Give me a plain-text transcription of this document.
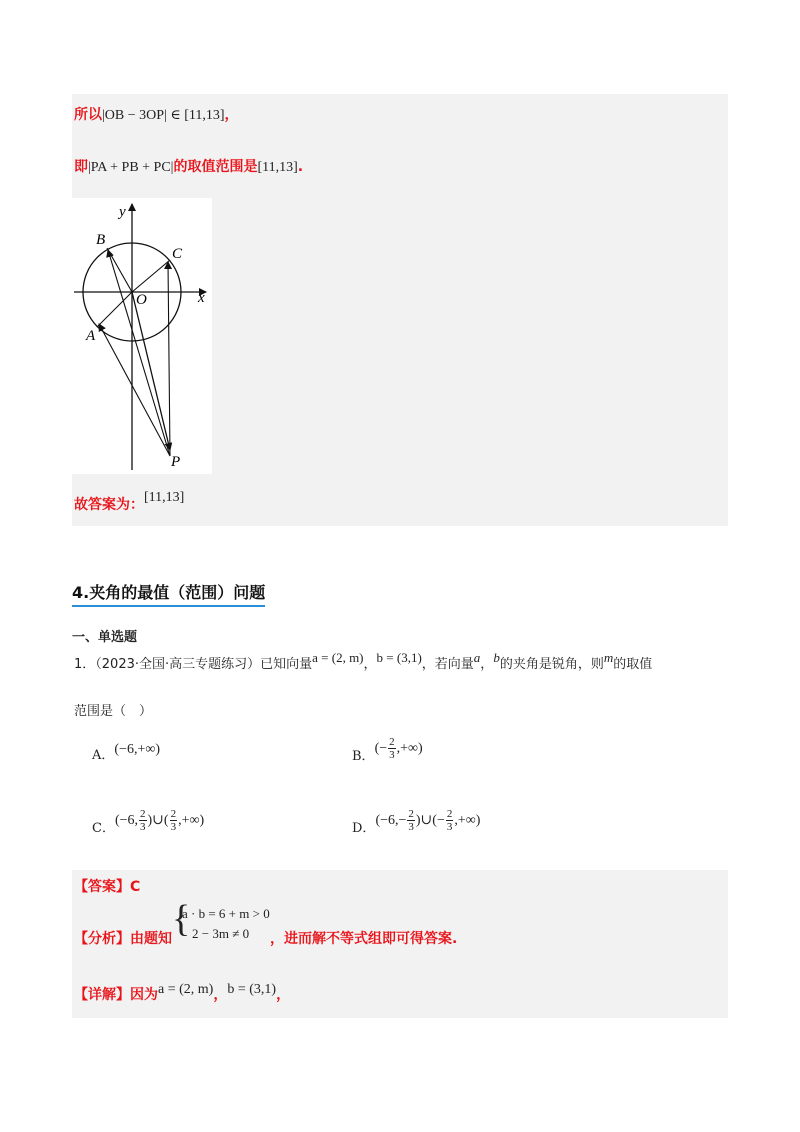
所以|OB − 3OP| ∈ [11,13]，
即|PA + PB + PC|的取值范围是[11,13].
y
x
O
B
C
A
P
故答案为：[11,13]
4.夹角的最值（范围）问题
一、单选题
1．（2023·全国·高三专题练习）已知向量a = (2, m)，b = (3,1)，若向量a，b的夹角是锐角，则m的取值
范围是（　）
A．(−6,+∞)	$_{B.}(- \frac{2}{3}$ ,+∞)
$_{C.}$(−6, $\frac{2}{3}$ )∪( $\frac{2}{3}$ ,+∞)
$_{D.}(-6,- \frac{2}{3}$ )∪(− $\frac{2}{3}$ ,+∞)
【答案】C
【分析】由题知 {
a · b = 6 + m > 0
2 − 3m ≠ 0 ，进而解不等式组即可得答案.
【详解】因为a = (2, m)，b = (3,1)，
